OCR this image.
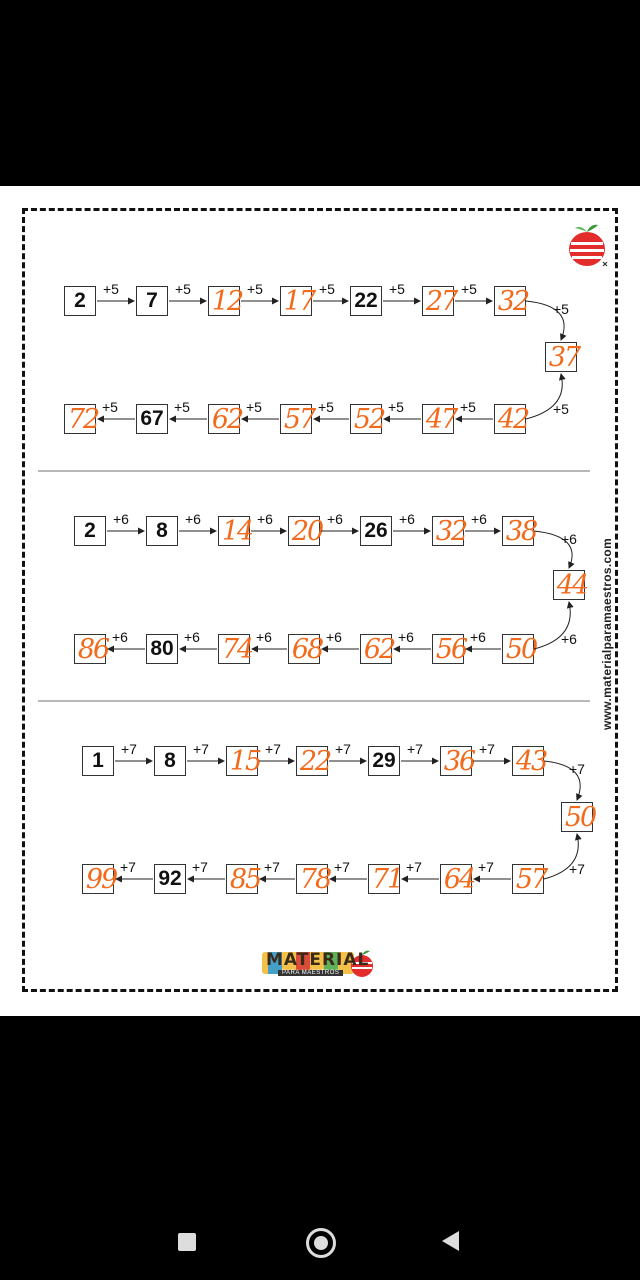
www.materialparamaestros.com
2 +5 7 +5 12 +5 17 +5 22 +5 27 +5 32
37
+5
+5
42
+5
47
+5
52
+5
57
+5
62
+5
67
+5
72
2 +6 8 +6 14 +6 20 +6 26 +6 32 +6 38
44
+6
+6
50
+6
56
+6
62
+6
68
+6
74
+6
80
+6
86
1 +7 8 +7 15 +7 22 +7 29 +7 36 +7 43
50
+7
+7
57
+7
64
+7
71
+7
78
+7
85
+7
92
+7
99
MATERIAL
PARA MAESTROS
